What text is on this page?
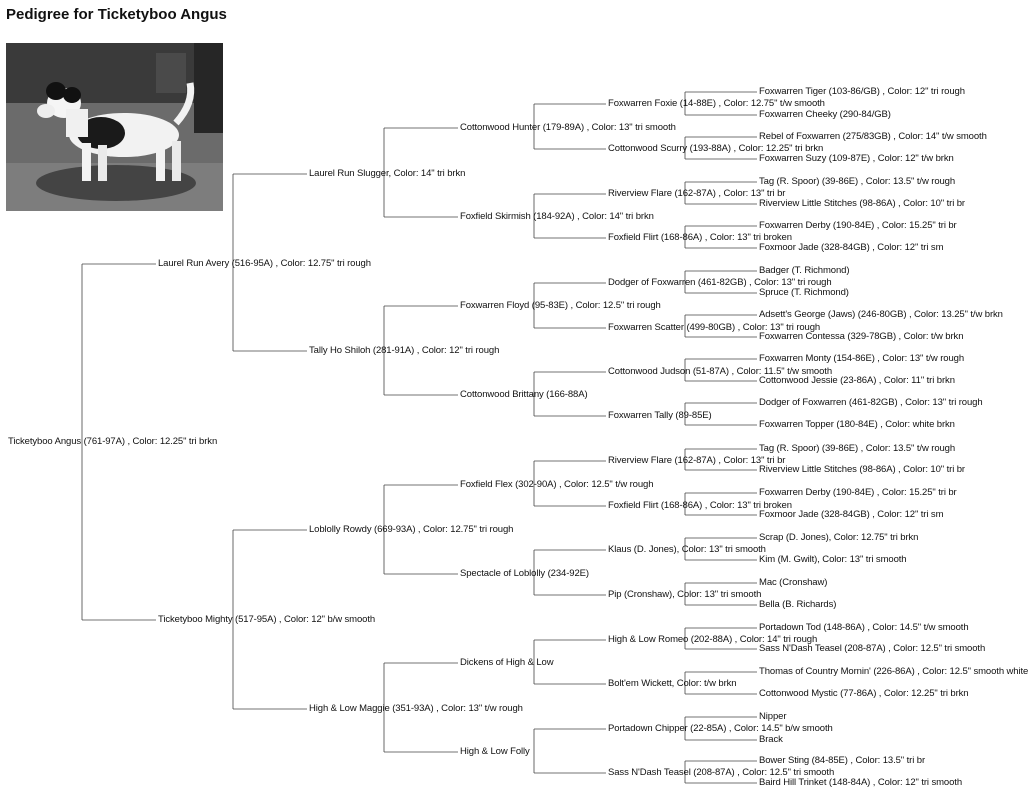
Pedigree for Ticketyboo Angus
Ticketyboo Angus (761-97A) , Color: 12.25" tri brkn
Laurel Run Avery (516-95A) , Color: 12.75" tri rough
Ticketyboo Mighty (517-95A) , Color: 12" b/w smooth
Laurel Run Slugger, Color: 14" tri brkn
Tally Ho Shiloh (281-91A) , Color: 12" tri rough
Loblolly Rowdy (669-93A) , Color: 12.75" tri rough
High & Low Maggie (351-93A) , Color: 13" t/w rough
Cottonwood Hunter (179-89A) , Color: 13" tri smooth
Foxfield Skirmish (184-92A) , Color: 14" tri brkn
Foxwarren Floyd (95-83E) , Color: 12.5" tri rough
Cottonwood Brittany (166-88A)
Foxfield Flex (302-90A) , Color: 12.5" t/w rough
Spectacle of Loblolly (234-92E)
Dickens of High & Low
High & Low Folly
Foxwarren Foxie (14-88E) , Color: 12.75" t/w smooth
Cottonwood Scurry (193-88A) , Color: 12.25" tri brkn
Riverview Flare (162-87A) , Color: 13" tri br
Foxfield Flirt (168-86A) , Color: 13" tri broken
Dodger of Foxwarren (461-82GB) , Color: 13" tri rough
Foxwarren Scatter (499-80GB) , Color: 13" tri rough
Cottonwood Judson (51-87A) , Color: 11.5" t/w smooth
Foxwarren Tally (89-85E)
Riverview Flare (162-87A) , Color: 13" tri br
Foxfield Flirt (168-86A) , Color: 13" tri broken
Klaus (D. Jones), Color: 13" tri smooth
Pip (Cronshaw), Color: 13" tri smooth
High & Low Romeo (202-88A) , Color: 14" tri rough
Bolt'em Wickett, Color: t/w brkn
Portadown Chipper (22-85A) , Color: 14.5" b/w smooth
Sass N'Dash Teasel (208-87A) , Color: 12.5" tri smooth
Foxwarren Tiger (103-86/GB) , Color: 12" tri rough
Foxwarren Cheeky (290-84/GB)
Rebel of Foxwarren (275/83GB) , Color: 14" t/w smooth
Foxwarren Suzy (109-87E) , Color: 12" t/w brkn
Tag (R. Spoor) (39-86E) , Color: 13.5" t/w rough
Riverview Little Stitches (98-86A) , Color: 10" tri br
Foxwarren Derby (190-84E) , Color: 15.25" tri br
Foxmoor Jade (328-84GB) , Color: 12" tri sm
Badger (T. Richmond)
Spruce (T. Richmond)
Adsett's George (Jaws) (246-80GB) , Color: 13.25" t/w brkn
Foxwarren Contessa (329-78GB) , Color: t/w brkn
Foxwarren Monty (154-86E) , Color: 13" t/w rough
Cottonwood Jessie (23-86A) , Color: 11" tri brkn
Dodger of Foxwarren (461-82GB) , Color: 13" tri rough
Foxwarren Topper (180-84E) , Color: white brkn
Tag (R. Spoor) (39-86E) , Color: 13.5" t/w rough
Riverview Little Stitches (98-86A) , Color: 10" tri br
Foxwarren Derby (190-84E) , Color: 15.25" tri br
Foxmoor Jade (328-84GB) , Color: 12" tri sm
Scrap (D. Jones), Color: 12.75" tri brkn
Kim (M. Gwilt), Color: 13" tri smooth
Mac (Cronshaw)
Bella (B. Richards)
Portadown Tod (148-86A) , Color: 14.5" t/w smooth
Sass N'Dash Teasel (208-87A) , Color: 12.5" tri smooth
Thomas of Country Mornin' (226-86A) , Color: 12.5" smooth white
Cottonwood Mystic (77-86A) , Color: 12.25" tri brkn
Nipper
Brack
Bower Sting (84-85E) , Color: 13.5" tri br
Baird Hill Trinket (148-84A) , Color: 12" tri smooth
